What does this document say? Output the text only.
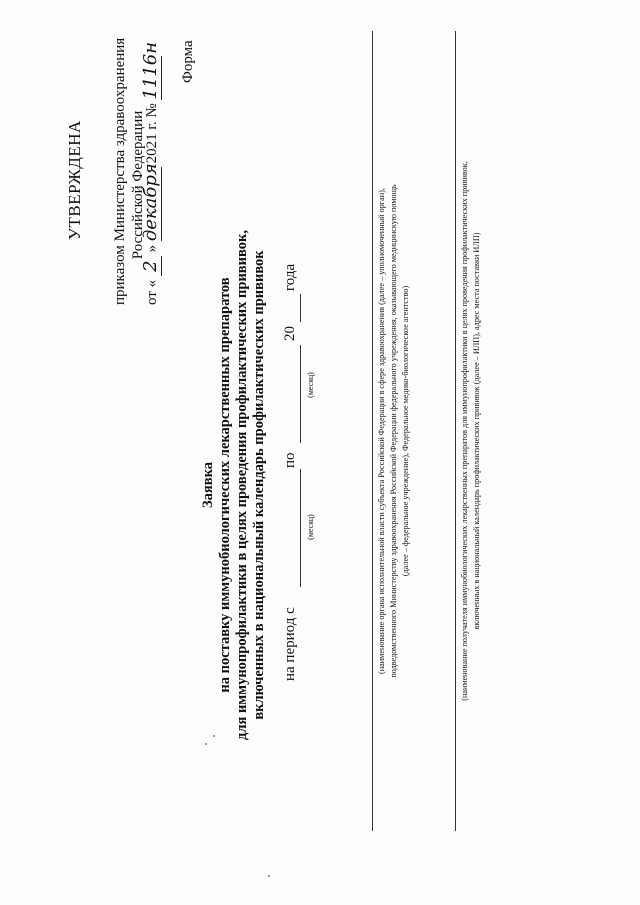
УТВЕРЖДЕНА приказом Министерства здравоохранения Российской Федерации
от « 2 » декабря 2021 г. № 1116н Форма
Заявка на поставку иммунобиологических лекарственных препаратов для иммунопрофилактики в целях проведения профилактических прививок, включенных в национальный календарь профилактических прививок на период с
по
20
года
(месяц)
(месяц)	(наименование органа исполнительной власти субъекта Российской Федерации в сфере здравоохранения (далее – уполномоченный орган), подведомственного Министерству здравоохранения Российской Федерации федерального учреждения, оказывающего медицинскую помощь (далее – федеральное учреждение), Федеральное медико-биологическое агентство)	(наименование получателя иммунобиологических лекарственных препаратов для иммунопрофилактики в целях проведения профилактических прививок, включенных в национальный календарь профилактических прививок (далее – ИЛП), адрес места поставки ИЛП)
